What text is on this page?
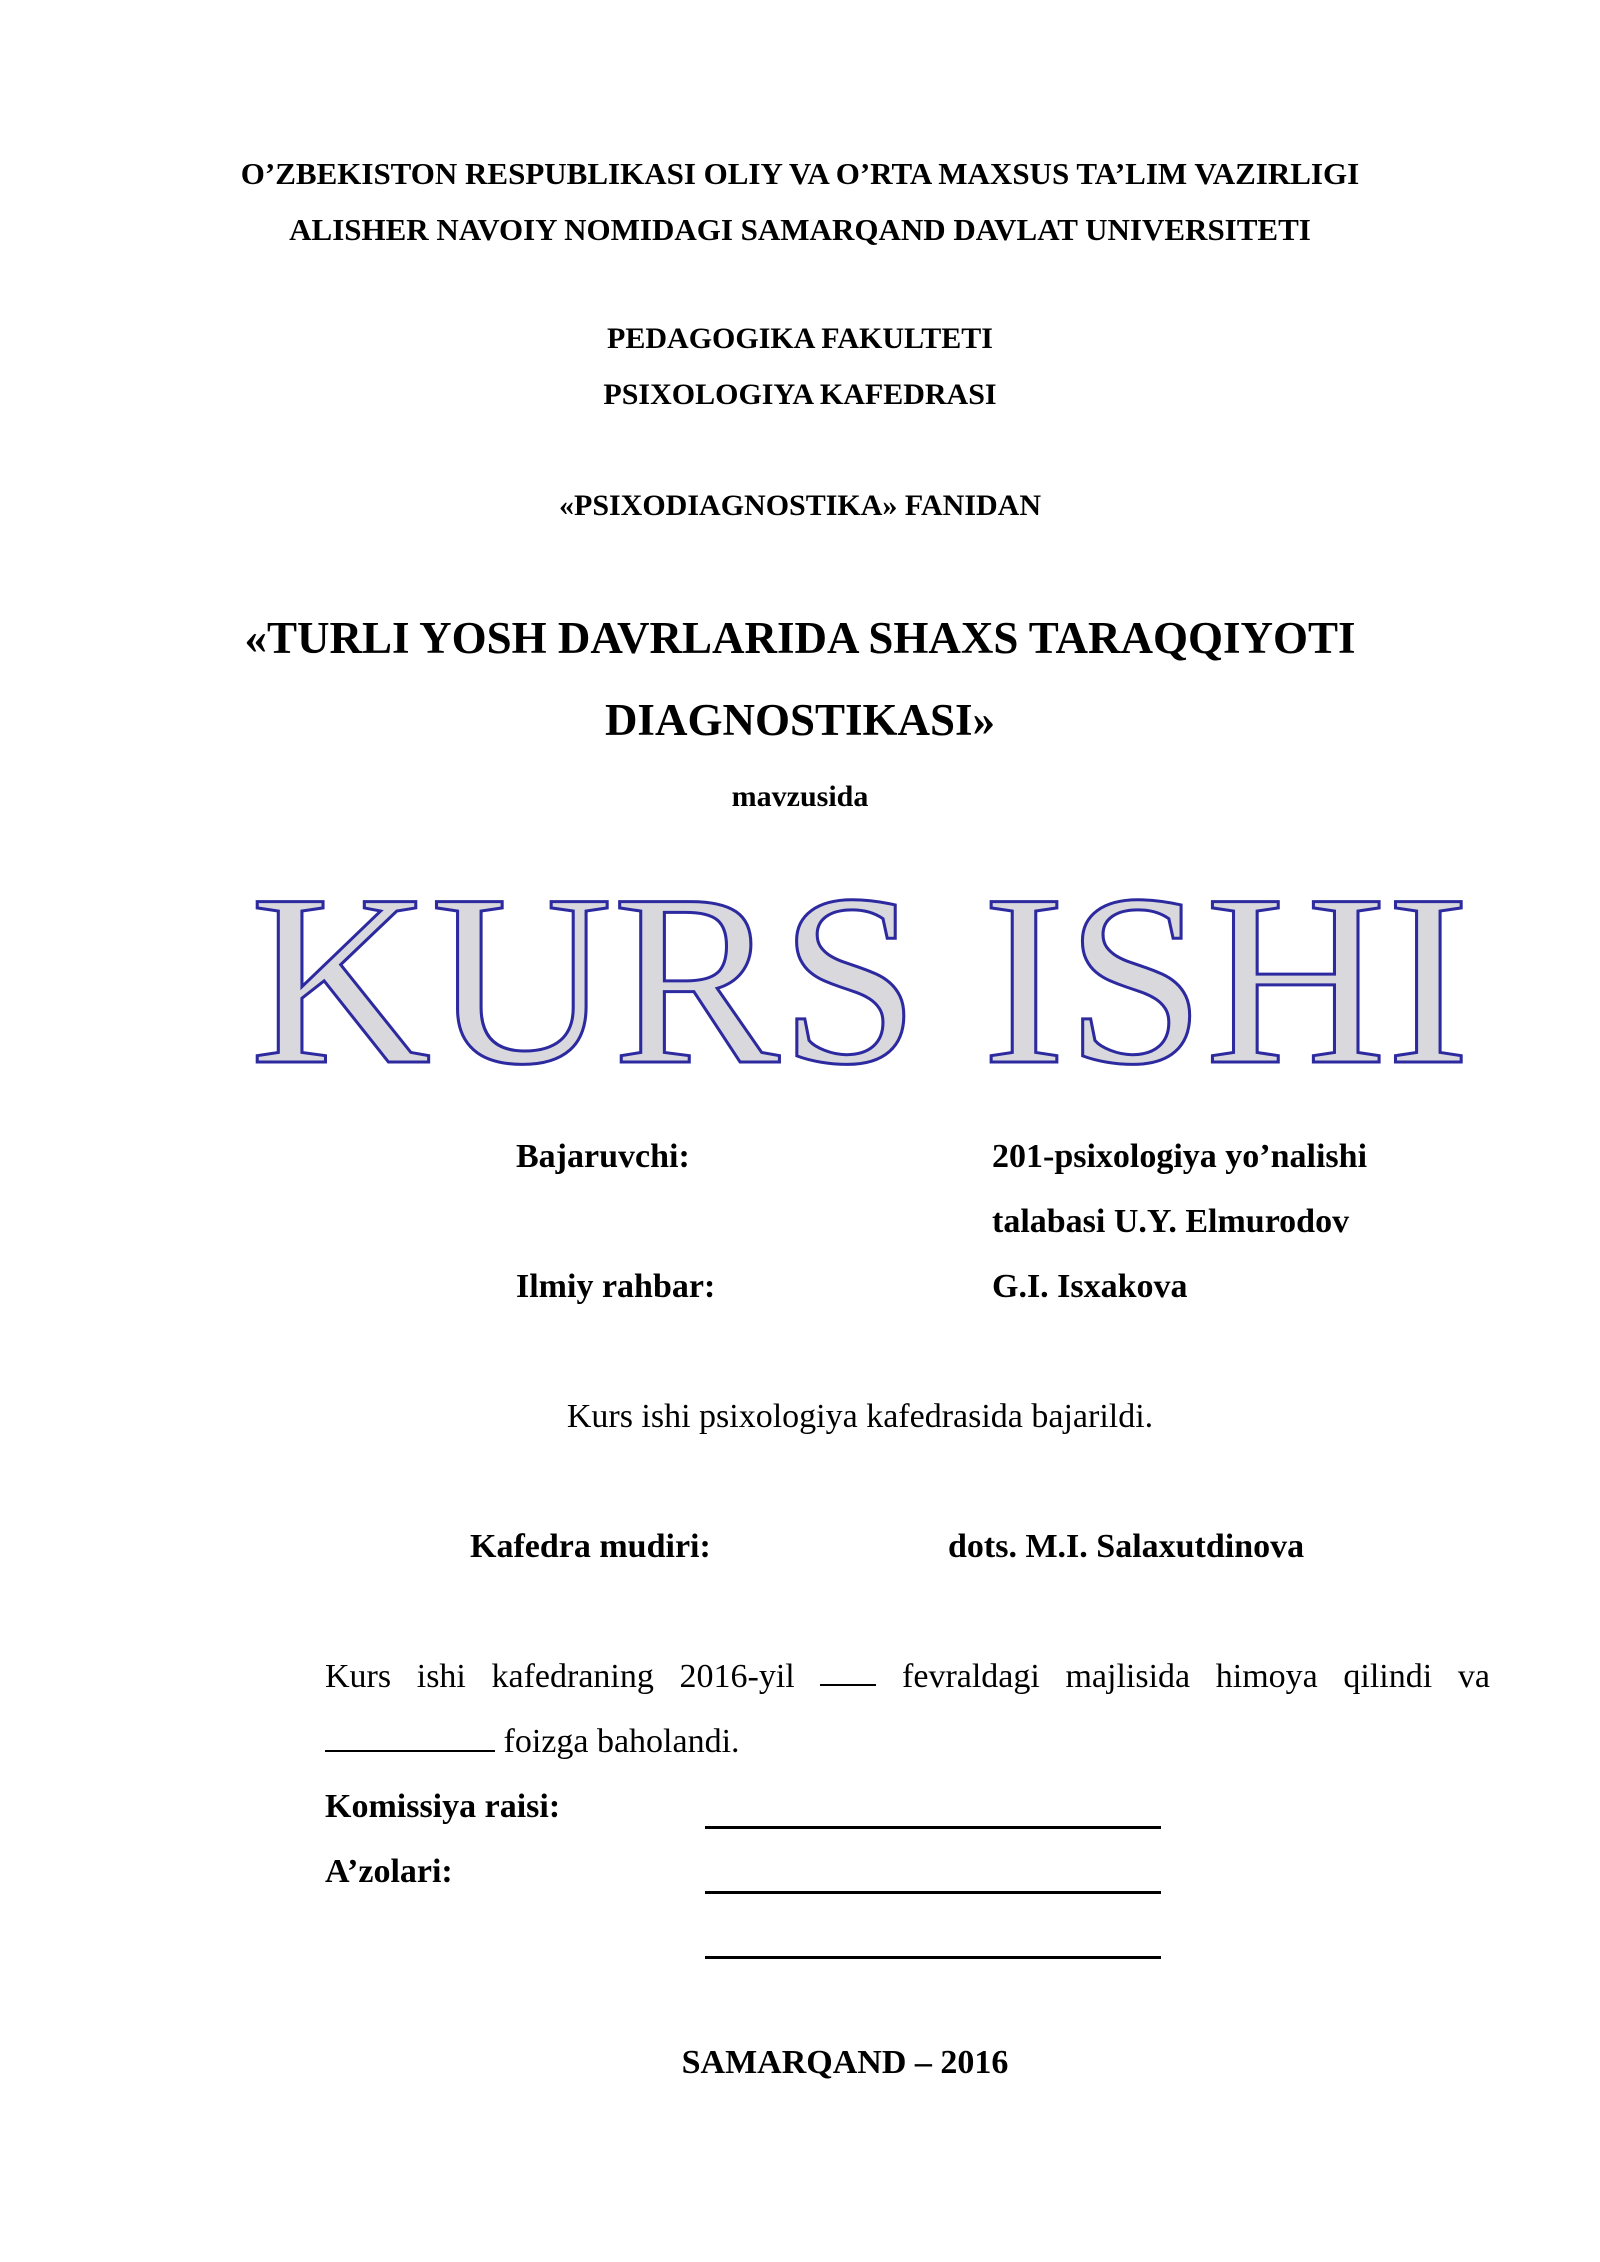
O’ZBEKISTON RESPUBLIKASI OLIY VA O’RTA MAXSUS TA’LIM VAZIRLIGI
ALISHER NAVOIY NOMIDAGI SAMARQAND DAVLAT UNIVERSITETI
PEDAGOGIKA FAKULTETI
PSIXOLOGIYA KAFEDRASI
«PSIXODIAGNOSTIKA» FANIDAN
«TURLI YOSH DAVRLARIDA SHAXS TARAQQIYOTI
DIAGNOSTIKASI»
mavzusida
KURS ISHI
Bajaruvchi:	201-psixologiya yo’nalishi
talabasi U.Y. Elmurodov
Ilmiy rahbar:	G.I. Isxakova
Kurs ishi psixologiya kafedrasida bajarildi.
Kafedra mudiri:	dots. M.I. Salaxutdinova
Kurs ishi kafedraning 2016-yil	fevraldagi majlisida himoya qilindi va
foizga baholandi.
Komissiya raisi:
A’zolari:
SAMARQAND – 2016
